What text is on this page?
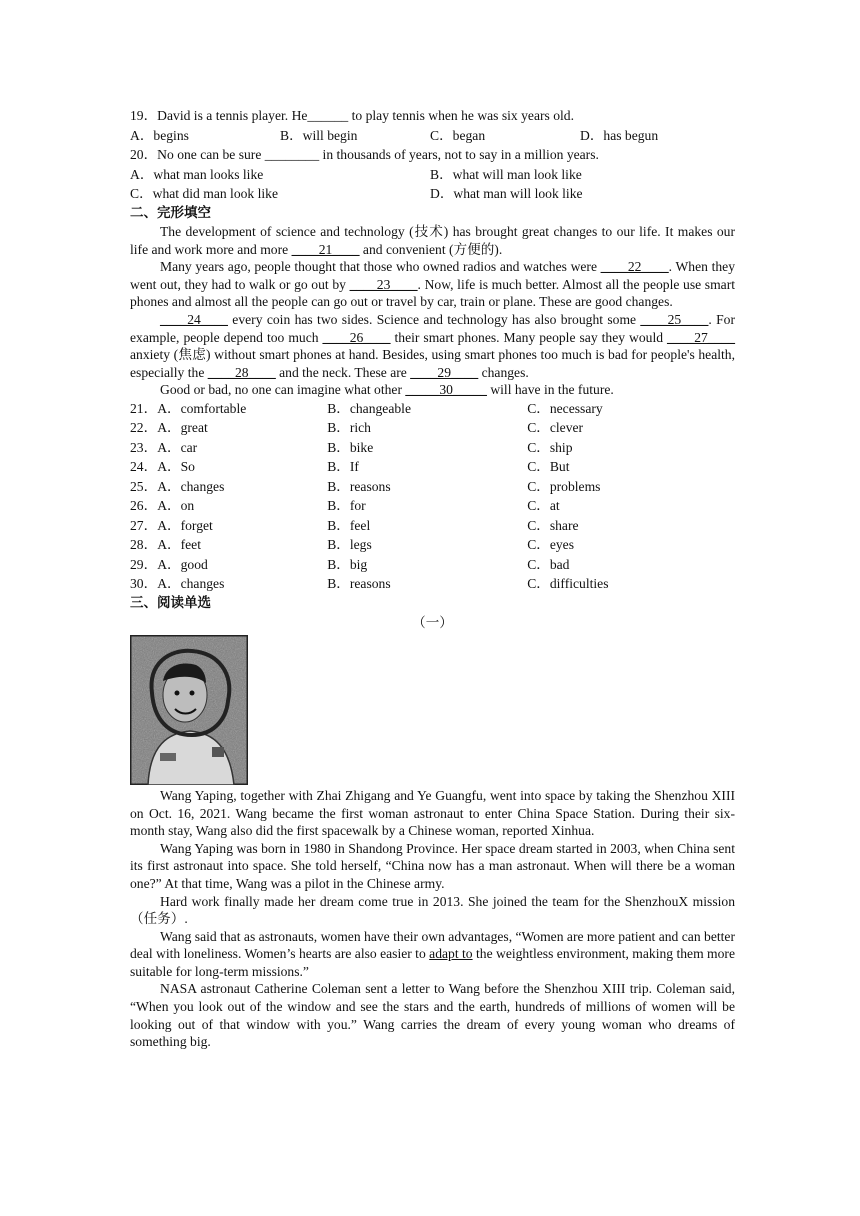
19．David is a tennis player. He______ to play tennis when he was six years old.
A．begins	B．will begin	C．began	D．has begun
20．No one can be sure ________ in thousands of years, not to say in a million years.
A．what man looks like	B．what will man look like
C．what did man look like	D．what man will look like
二、完形填空

The development of science and technology (技术) has brought great changes to our life. It makes our life and work more and more ____21____ and convenient (方便的).

Many years ago, people thought that those who owned radios and watches were ____22____. When they went out, they had to walk or go out by ____23____. Now, life is much better. Almost all the people use smart phones and almost all the people can go out or travel by car, train or plane. These are good changes.

____24____ every coin has two sides. Science and technology has also brought some ____25____. For example, people depend too much ____26____ their smart phones. Many people say they would ____27____ anxiety (焦虑) without smart phones at hand. Besides, using smart phones too much is bad for people's health, especially the ____28____ and the neck. These are ____29____ changes.

Good or bad, no one can imagine what other _____30_____ will have in the future.

21． A．comfortable	B．changeable	C．necessary
22． A．great	B．rich	C．clever
23． A．car	B．bike	C．ship
24． A．So	B．If	C．But
25． A．changes	B．reasons	C．problems
26． A．on	B．for	C．at
27． A．forget	B．feel	C．share
28． A．feet	B．legs	C．eyes
29． A．good	B．big	C．bad
30． A．changes	B．reasons	C．difficulties
三、阅读单选
（一）

Wang Yaping, together with Zhai Zhigang and Ye Guangfu, went into space by taking the Shenzhou XIII on Oct. 16, 2021. Wang became the first woman astronaut to enter China Space Station. During their six-month stay, Wang also did the first spacewalk by a Chinese woman, reported Xinhua.

Wang Yaping was born in 1980 in Shandong Province. Her space dream started in 2003, when China sent its first astronaut into space. She told herself, “China now has a man astronaut. When will there be a woman one?” At that time, Wang was a pilot in the Chinese army.

Hard work finally made her dream come true in 2013. She joined the team for the ShenzhouX mission（任务）.

Wang said that as astronauts, women have their own advantages, “Women are more patient and can better deal with loneliness. Women’s hearts are also easier to adapt to the weightless environment, making them more suitable for long-term missions.”

NASA astronaut Catherine Coleman sent a letter to Wang before the Shenzhou XIII trip. Coleman said, “When you look out of the window and see the stars and the earth, hundreds of millions of women will be looking out of that window with you.” Wang carries the dream of every young woman who dreams of something big.
